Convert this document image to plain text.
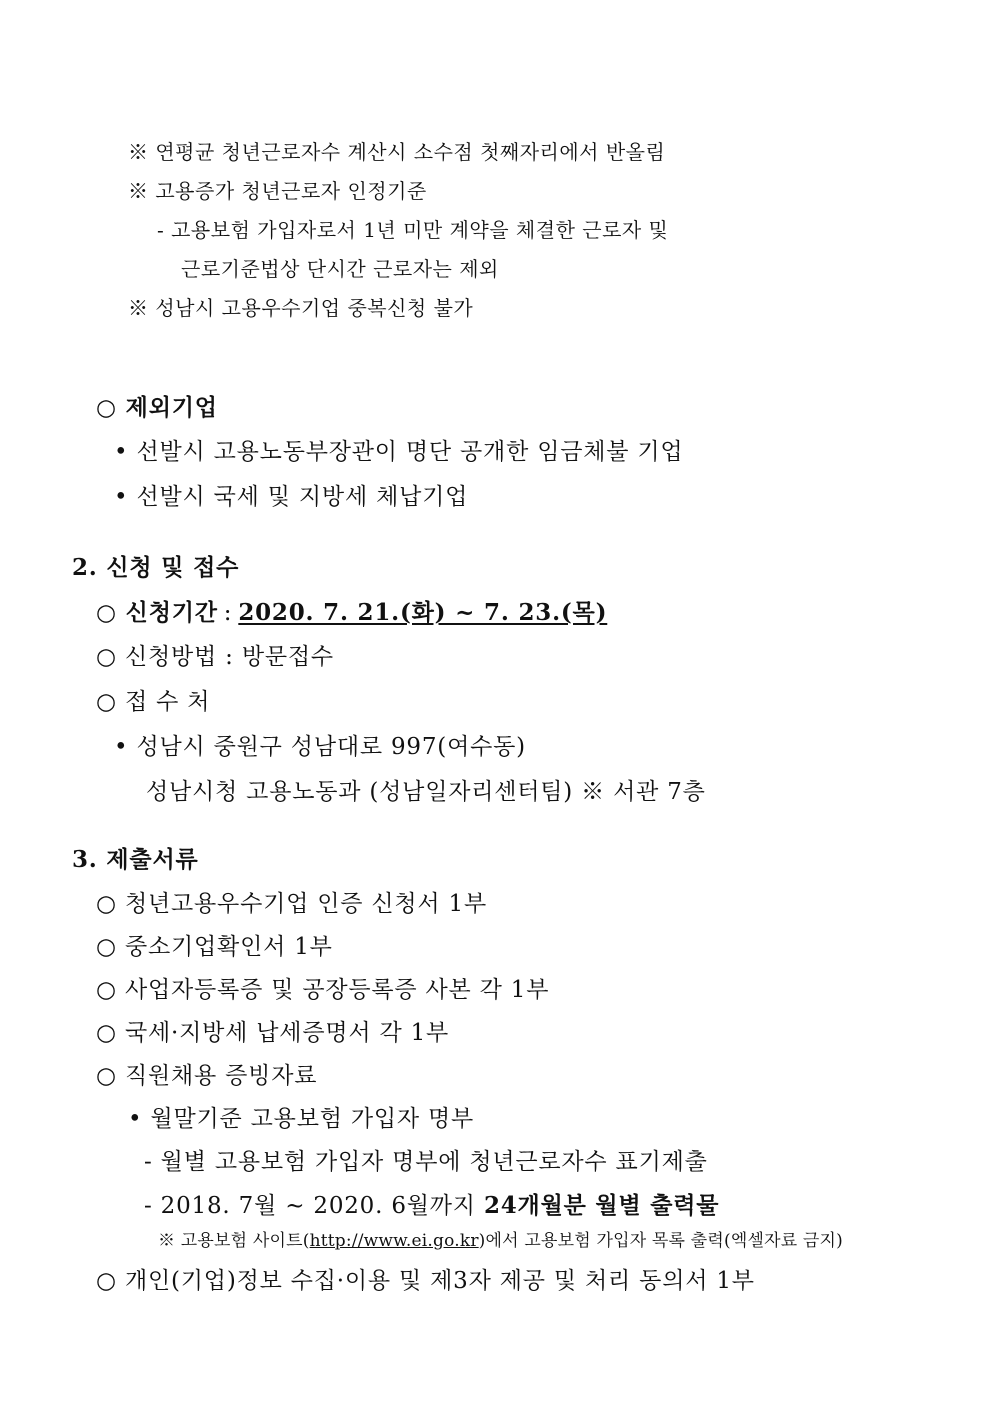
※ 연평균 청년근로자수 계산시 소수점 첫째자리에서 반올림
※ 고용증가 청년근로자 인정기준
- 고용보험 가입자로서 1년 미만 계약을 체결한 근로자 및
근로기준법상 단시간 근로자는 제외
※ 성남시 고용우수기업 중복신청 불가
○ 제외기업
• 선발시 고용노동부장관이 명단 공개한 임금체불 기업
• 선발시 국세 및 지방세 체납기업
2. 신청 및 접수
○ 신청기간 : 2020. 7. 21.(화) ~ 7. 23.(목)
○ 신청방법 : 방문접수
○ 접 수 처
• 성남시 중원구 성남대로 997(여수동)
성남시청 고용노동과 (성남일자리센터팀) ※ 서관 7층
3. 제출서류
○ 청년고용우수기업 인증 신청서 1부
○ 중소기업확인서 1부
○ 사업자등록증 및 공장등록증 사본 각 1부
○ 국세·지방세 납세증명서 각 1부
○ 직원채용 증빙자료
• 월말기준 고용보험 가입자 명부
- 월별 고용보험 가입자 명부에 청년근로자수 표기제출
- 2018. 7월 ∼ 2020. 6월까지 24개월분 월별 출력물
※ 고용보험 사이트(http://www.ei.go.kr)에서 고용보험 가입자 목록 출력(엑셀자료 금지)
○ 개인(기업)정보 수집·이용 및 제3자 제공 및 처리 동의서 1부
